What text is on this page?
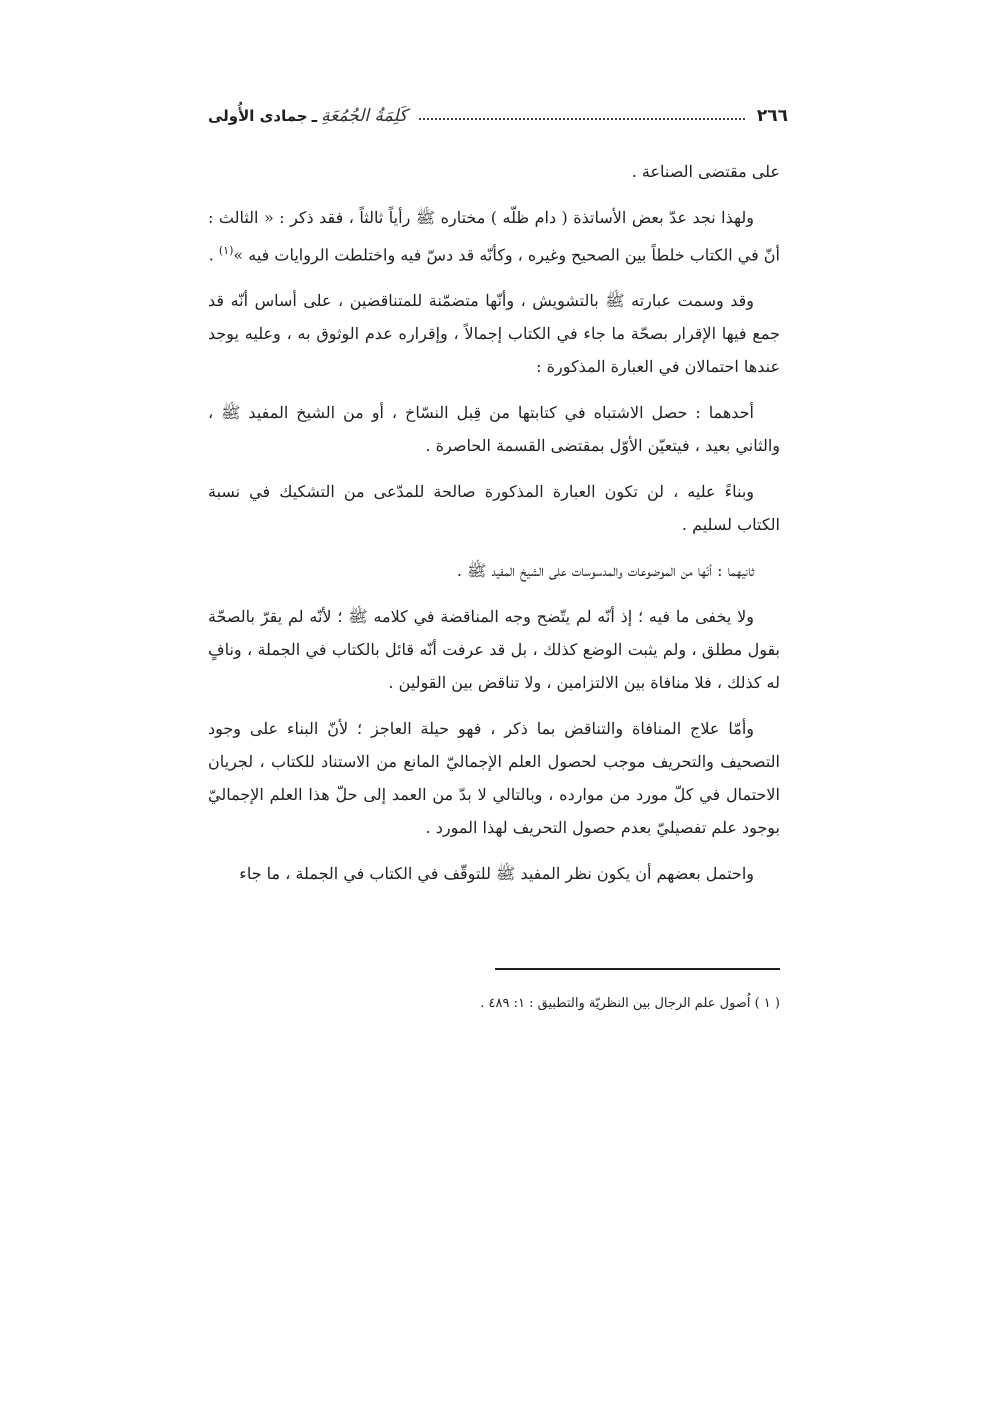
٢٦٦
كَلِمَةُ الجُمُعَةِ
ـ
جمادى الأُولى

على مقتضى الصناعة .

ولهذا نجد عدّ بعض الأساتذة ( دام ظلّه ) مختاره ﷺ رأياً ثالثاً ، فقد ذكر : « الثالث : أنّ في الكتاب خلطاً بين الصحيح وغيره ، وكأنّه قد دسّ فيه واختلطت الروايات فيه »$^{(١)}$ .

وقد وسمت عبارته ﷺ بالتشويش ، وأنّها متضمّنة للمتناقضين ، على أساس أنّه قد جمع فيها الإقرار بصحّة ما جاء في الكتاب إجمالاً ، وإقراره عدم الوثوق به ، وعليه يوجد عندها احتمالان في العبارة المذكورة :

أحدهما : حصل الاشتباه في كتابتها من قِبل النسّاخ ، أو من الشيخ المفيد ﷺ ، والثاني بعيد ، فيتعيّن الأوّل بمقتضى القسمة الحاصرة .

وبناءً عليه ، لن تكون العبارة المذكورة صالحة للمدّعى من التشكيك في نسبة الكتاب لسليم .

ثانيهما : أنّها من الموضوعات والمدسوسات على الشيخ المفيد ﷺ .

ولا يخفى ما فيه ؛ إذ أنّه لم يتّضح وجه المناقضة في كلامه ﷺ ؛ لأنّه لم يقرّ بالصحّة بقول مطلق ، ولم يثبت الوضع كذلك ، بل قد عرفت أنّه قائل بالكتاب في الجملة ، ونافٍ له كذلك ، فلا منافاة بين الالتزامين ، ولا تناقض بين القولين .

وأمّا علاج المنافاة والتناقض بما ذكر ، فهو حيلة العاجز ؛ لأنّ البناء على وجود التصحيف والتحريف موجب لحصول العلم الإجماليّ المانع من الاستناد للكتاب ، لجريان الاحتمال في كلّ مورد من موارده ، وبالتالي لا بدّ من العمد إلى حلّ هذا العلم الإجماليّ بوجود علم تفصيليّ بعدم حصول التحريف لهذا المورد .

واحتمل بعضهم أن يكون نظر المفيد ﷺ للتوقّف في الكتاب في الجملة ، ما جاء

( ١ ) اُصول علم الرجال بين النظريّة والتطبيق : ١: ٤٨٩ .
